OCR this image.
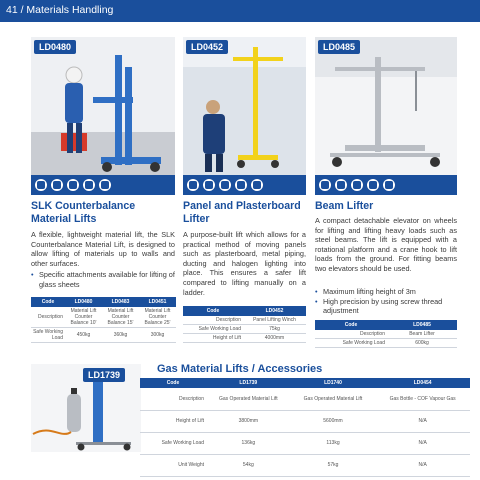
41 / Materials Handling
LD0480	LD0452	LD0485
SLK Counterbalance Material Lifts
A flexible, lightweight material lift, the SLK Counterbalance Material Lift, is designed to allow lifting of materials up to walls and other surfaces.
• Specific attachments available for lifting of glass sheets
Code	LD0480	LD0483	LD0451
Description	Material Lift Counter Balance 10'	Material Lift Counter Balance 15'	Material Lift Counter Balance 25'
Safe Working Load	450kg	360kg	300kg
Panel and Plasterboard Lifter
A purpose-built lift which allows for a practical method of moving panels such as plasterboard, metal piping, ducting and halogen lighting into place. This ensures a safer lift compared to lifting manually on a ladder.
Code	LD0452
Description	Panel Lifting Winch
Safe Working Load	75kg
Height of Lift	4000mm
Beam Lifter
A compact detachable elevator on wheels for lifting and lifting heavy loads such as steel beams. The lift is equipped with a rotational platform and a crane hook to lift loads from the ground. For fitting beams two elevators should be used.
• Maximum lifting height of 3m
• High precision by using screw thread adjustment
Code	LD0485
Description	Beam Lifter
Safe Working Load	600kg
LD1739	Gas Material Lifts / Accessories
Code	LD1739	LD1740	LD0454
Description	Gas Operated Material Lift	Gas Operated Material Lift	Gas Bottle - COF Vapour Gas
Height of Lift	3800mm	5600mm	N/A
Safe Working Load	136kg	113kg	N/A
Unit Weight	54kg	57kg	N/A
